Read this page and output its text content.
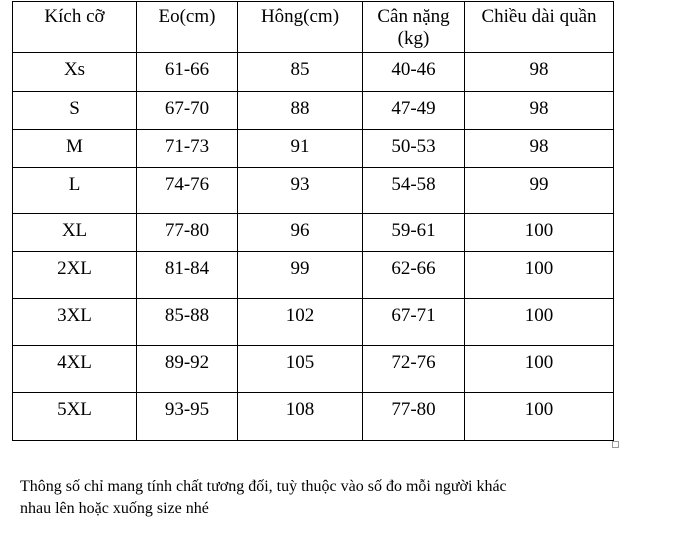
Kích cỡ	Eo(cm)	Hông(cm)	Cân nặng (kg)	Chiều dài quần
Xs	61-66	85	40-46	98
S	67-70	88	47-49	98
M	71-73	91	50-53	98
L	74-76	93	54-58	99
XL	77-80	96	59-61	100
2XL	81-84	99	62-66	100
3XL	85-88	102	67-71	100
4XL	89-92	105	72-76	100
5XL	93-95	108	77-80	100

Thông số chỉ mang tính chất tương đối, tuỳ thuộc vào số đo mỗi người khác

nhau lên hoặc xuống size nhé
